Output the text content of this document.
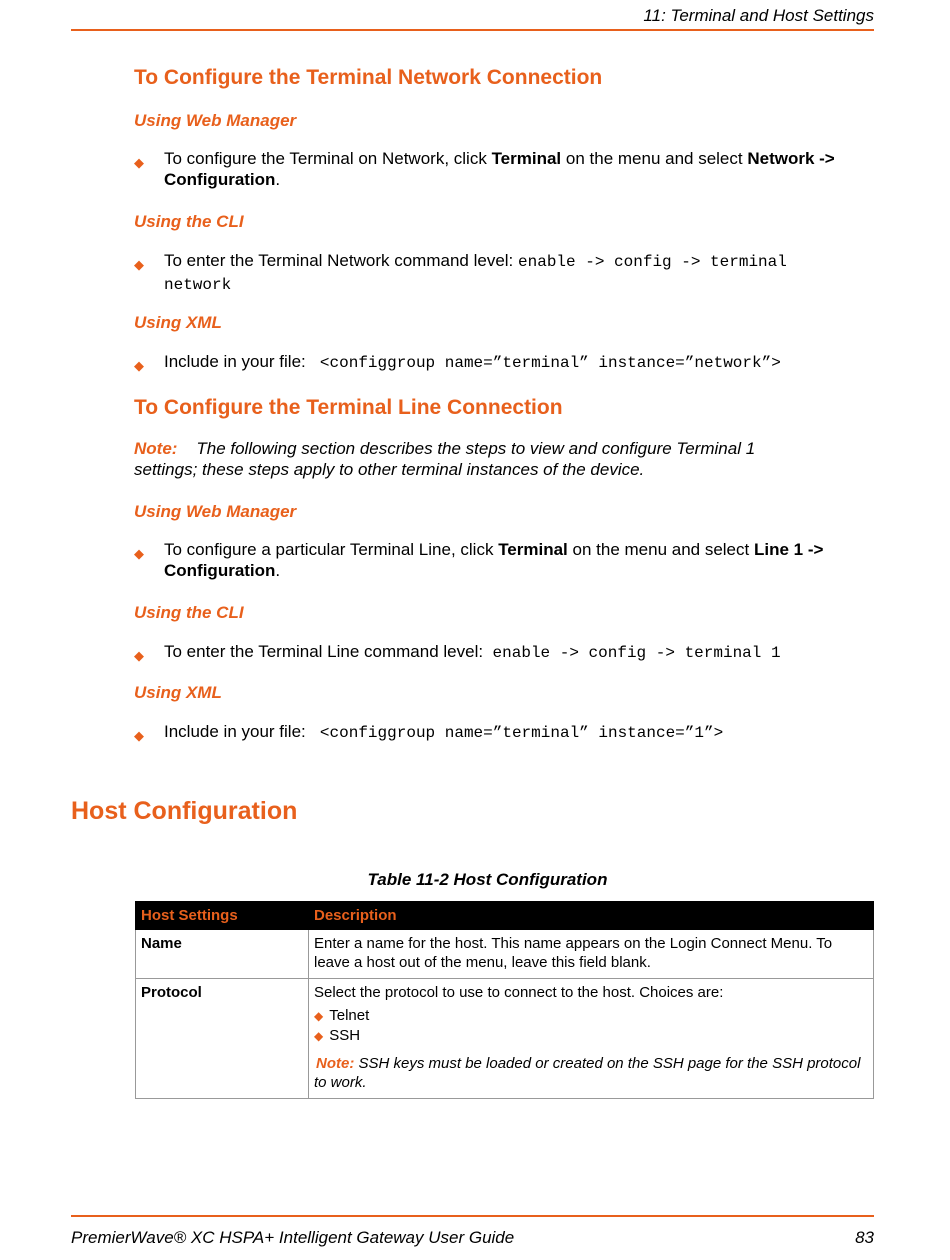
11: Terminal and Host Settings
To Configure the Terminal Network Connection
Using Web Manager
◆ To configure the Terminal on Network, click Terminal on the menu and select Network -> Configuration.
Using the CLI
◆ To enter the Terminal Network command level: enable -> config -> terminal network
Using XML
◆ Include in your file:   <configgroup name=”terminal” instance=”network”>
To Configure the Terminal Line Connection
Note: The following section describes the steps to view and configure Terminal 1 settings; these steps apply to other terminal instances of the device.
Using Web Manager
◆ To configure a particular Terminal Line, click Terminal on the menu and select Line 1 -> Configuration.
Using the CLI
◆ To enter the Terminal Line command level:  enable -> config -> terminal 1
Using XML
◆ Include in your file:   <configgroup name=”terminal” instance=”1”>
Host Configuration
Table 11-2 Host Configuration
Host Settings	Description
Name	Enter a name for the host. This name appears on the Login Connect Menu. To leave a host out of the menu, leave this field blank.
Protocol	Select the protocol to use to connect to the host. Choices are:
◆ Telnet
◆ SSH
Note: SSH keys must be loaded or created on the SSH page for the SSH protocol to work.
PremierWave® XC HSPA+ Intelligent Gateway User Guide	83
